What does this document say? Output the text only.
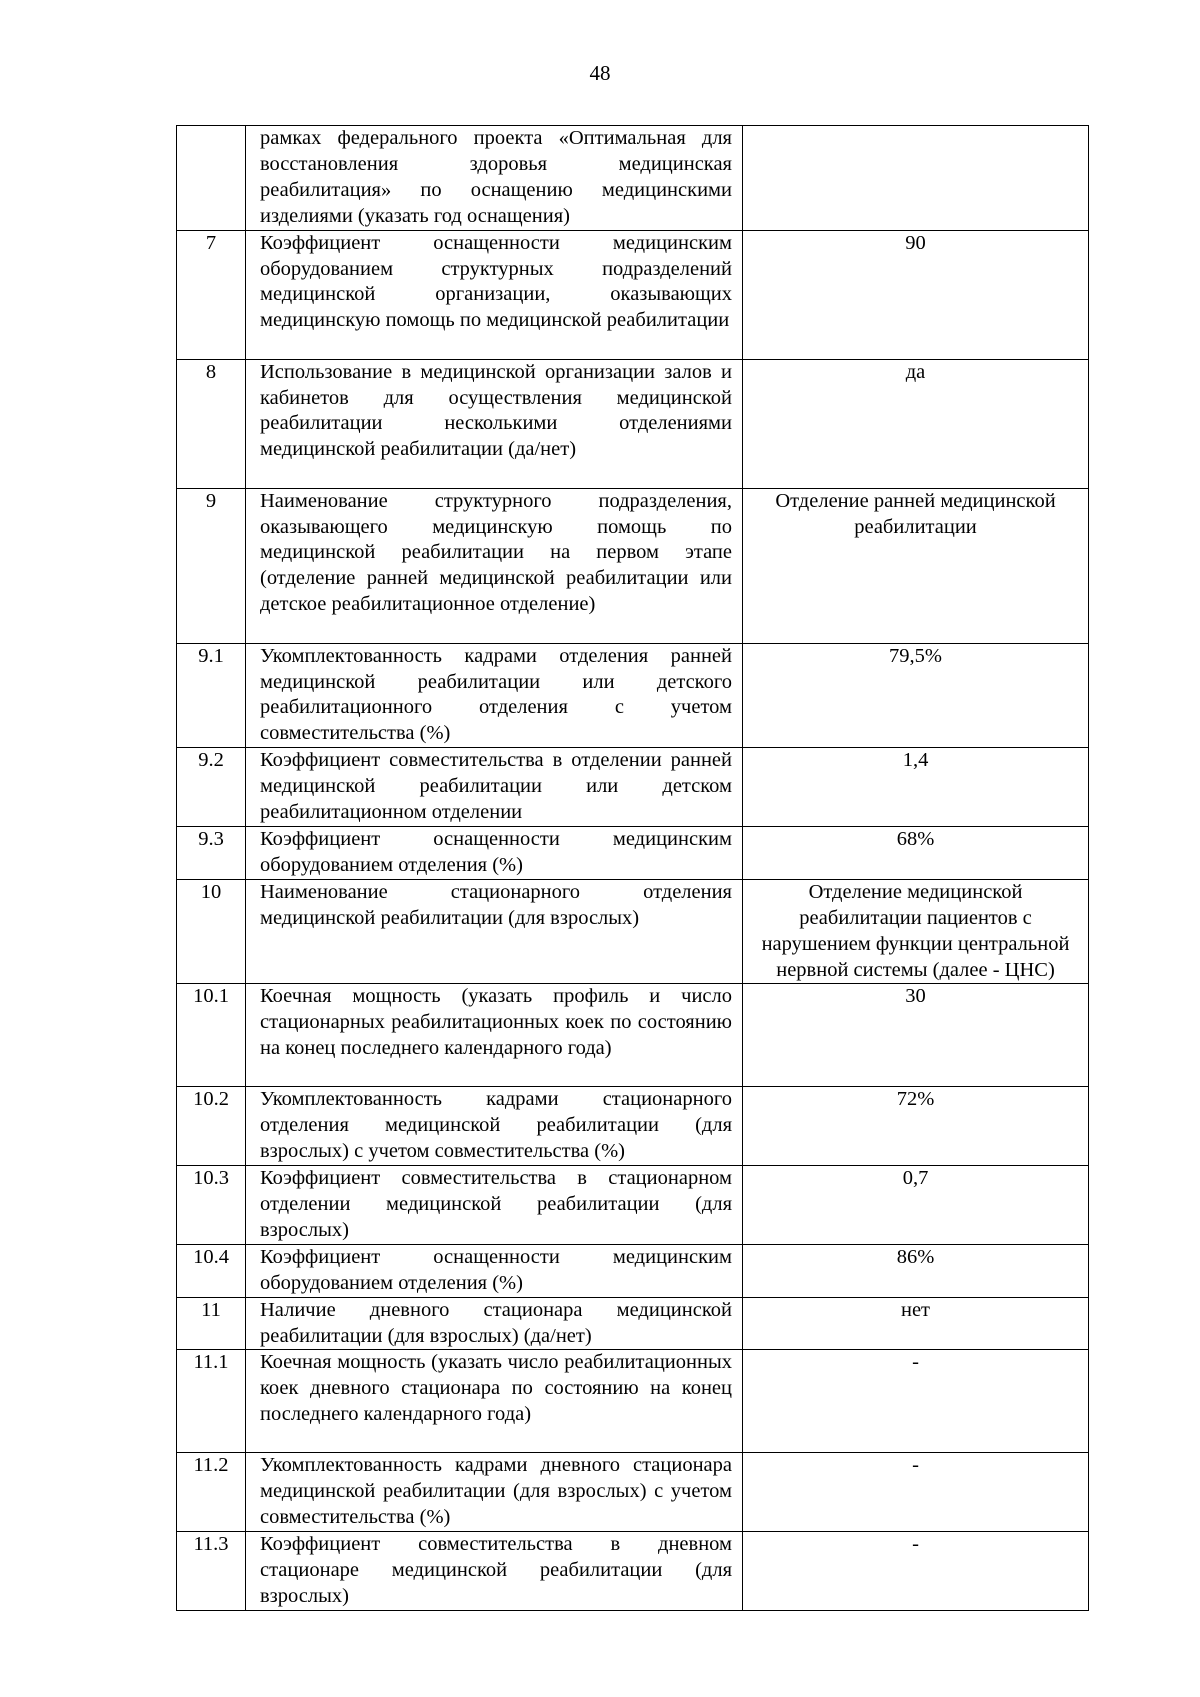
48
	рамках федерального проекта «Оптимальная для восстановления здоровья медицинская реабилитация» по оснащению медицинскими изделиями (указать год оснащения)	
7	Коэффициент оснащенности медицинским оборудованием структурных подразделений медицинской организации, оказывающих медицинскую помощь по медицинской реабилитации	90
8	Использование в медицинской организации залов и кабинетов для осуществления медицинской реабилитации несколькими отделениями медицинской реабилитации (да/нет)	да
9	Наименование структурного подразделения, оказывающего медицинскую помощь по медицинской реабилитации на первом этапе (отделение ранней медицинской реабилитации или детское реабилитационное отделение)	Отделение ранней медицинской реабилитации
9.1	Укомплектованность кадрами отделения ранней медицинской реабилитации или детского реабилитационного отделения с учетом совместительства (%)	79,5%
9.2	Коэффициент совместительства в отделении ранней медицинской реабилитации или детском реабилитационном отделении	1,4
9.3	Коэффициент оснащенности медицинским оборудованием отделения (%)	68%
10	Наименование стационарного отделения медицинской реабилитации (для взрослых)	Отделение медицинской реабилитации пациентов с нарушением функции центральной нервной системы (далее - ЦНС)
10.1	Коечная мощность (указать профиль и число стационарных реабилитационных коек по состоянию на конец последнего календарного года)	30
10.2	Укомплектованность кадрами стационарного отделения медицинской реабилитации (для взрослых) с учетом совместительства (%)	72%
10.3	Коэффициент совместительства в стационарном отделении медицинской реабилитации (для взрослых)	0,7
10.4	Коэффициент оснащенности медицинским оборудованием отделения (%)	86%
11	Наличие дневного стационара медицинской реабилитации (для взрослых) (да/нет)	нет
11.1	Коечная мощность (указать число реабилитационных коек дневного стационара по состоянию на конец последнего календарного года)	-
11.2	Укомплектованность кадрами дневного стационара медицинской реабилитации (для взрослых) с учетом совместительства (%)	-
11.3	Коэффициент совместительства в дневном стационаре медицинской реабилитации (для взрослых)	-
